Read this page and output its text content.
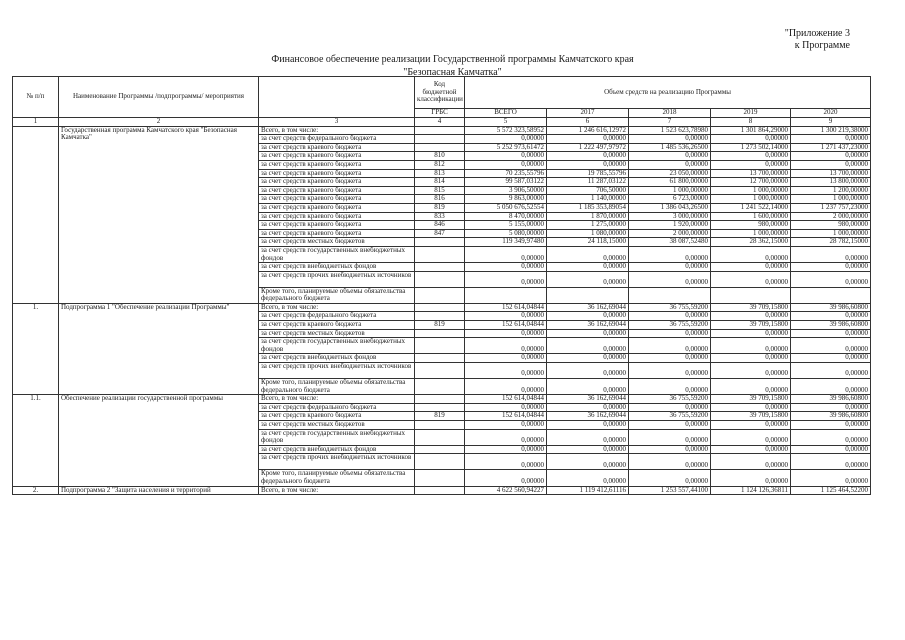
"Приложение 3
к Программе
Финансовое обеспечение реализации Государственной программы Камчатского края
"Безопасная Камчатка"
№ п/п	Наименование Программы /подпрограммы/ мероприятия		Код бюджетной классификации	Объем средств на реализацию Программы				
			ГРБС	ВСЕГО	2017	2018	2019	2020
1	2	3	4	5	6	7	8	9
	Государственная программа Камчатского края "Безопасная Камчатка"	Всего, в том числе:		5 572 323,58952	1 246 616,12972	1 523 623,78980	1 301 864,29000	1 300 219,38000
		за счет средств федерального бюджета		0,00000	0,00000	0,00000	0,00000	0,00000
		за счет средств краевого бюджета		5 252 973,61472	1 222 497,97972	1 485 536,26500	1 273 502,14000	1 271 437,23000
		за счет средств краевого бюджета	810	0,00000	0,00000	0,00000	0,00000	0,00000
		за счет средств краевого бюджета	812	0,00000	0,00000	0,00000	0,00000	0,00000
		за счет средств краевого бюджета	813	70 235,55796	19 785,55796	23 050,00000	13 700,00000	13 700,00000
		за счет средств краевого бюджета	814	99 587,03122	11 287,03122	61 800,00000	12 700,00000	13 800,00000
		за счет средств краевого бюджета	815	3 906,50000	706,50000	1 000,00000	1 000,00000	1 200,00000
		за счет средств краевого бюджета	816	9 863,00000	1 140,00000	6 723,00000	1 000,00000	1 000,00000
		за счет средств краевого бюджета	819	5 050 676,52554	1 185 353,89054	1 386 043,26500	1 241 522,14000	1 237 757,23000
		за счет средств краевого бюджета	833	8 470,00000	1 870,00000	3 000,00000	1 600,00000	2 000,00000
		за счет средств краевого бюджета	846	5 155,00000	1 275,00000	1 920,00000	980,00000	980,00000
		за счет средств краевого бюджета	847	5 080,00000	1 080,00000	2 000,00000	1 000,00000	1 000,00000
		за счет средств местных бюджетов		119 349,97480	24 118,15000	38 087,52480	28 362,15000	28 782,15000
		за счет средств государственных внебюджетных фондов		0,00000	0,00000	0,00000	0,00000	0,00000
		за счет средств внебюджетных фондов		0,00000	0,00000	0,00000	0,00000	0,00000
		за счет средств прочих внебюджетных источников		0,00000	0,00000	0,00000	0,00000	0,00000
		Кроме того, планируемые объемы обязательства федерального бюджета						
1.	Подпрограмма 1 "Обеспечение реализации Программы"	Всего, в том числе:		152 614,04844	36 162,69044	36 755,59200	39 709,15800	39 986,60800
		за счет средств федерального бюджета		0,00000	0,00000	0,00000	0,00000	0,00000
		за счет средств краевого бюджета	819	152 614,04844	36 162,69044	36 755,59200	39 709,15800	39 986,60800
		за счет средств местных бюджетов		0,00000	0,00000	0,00000	0,00000	0,00000
		за счет средств государственных внебюджетных фондов		0,00000	0,00000	0,00000	0,00000	0,00000
		за счет средств внебюджетных фондов		0,00000	0,00000	0,00000	0,00000	0,00000
		за счет средств прочих внебюджетных источников		0,00000	0,00000	0,00000	0,00000	0,00000
		Кроме того, планируемые объемы обязательства федерального бюджета		0,00000	0,00000	0,00000	0,00000	0,00000
1.1.	Обеспечение реализации государственной программы	Всего, в том числе:		152 614,04844	36 162,69044	36 755,59200	39 709,15800	39 986,60800
		за счет средств федерального бюджета		0,00000	0,00000	0,00000	0,00000	0,00000
		за счет средств краевого бюджета	819	152 614,04844	36 162,69044	36 755,59200	39 709,15800	39 986,60800
		за счет средств местных бюджетов		0,00000	0,00000	0,00000	0,00000	0,00000
		за счет средств государственных внебюджетных фондов		0,00000	0,00000	0,00000	0,00000	0,00000
		за счет средств внебюджетных фондов		0,00000	0,00000	0,00000	0,00000	0,00000
		за счет средств прочих внебюджетных источников		0,00000	0,00000	0,00000	0,00000	0,00000
		Кроме того, планируемые объемы обязательства федерального бюджета		0,00000	0,00000	0,00000	0,00000	0,00000
2.	Подпрограмма 2 "Защита населения и территорий	Всего, в том числе:		4 622 560,94227	1 119 412,61116	1 253 557,44100	1 124 126,36811	1 125 464,52200
